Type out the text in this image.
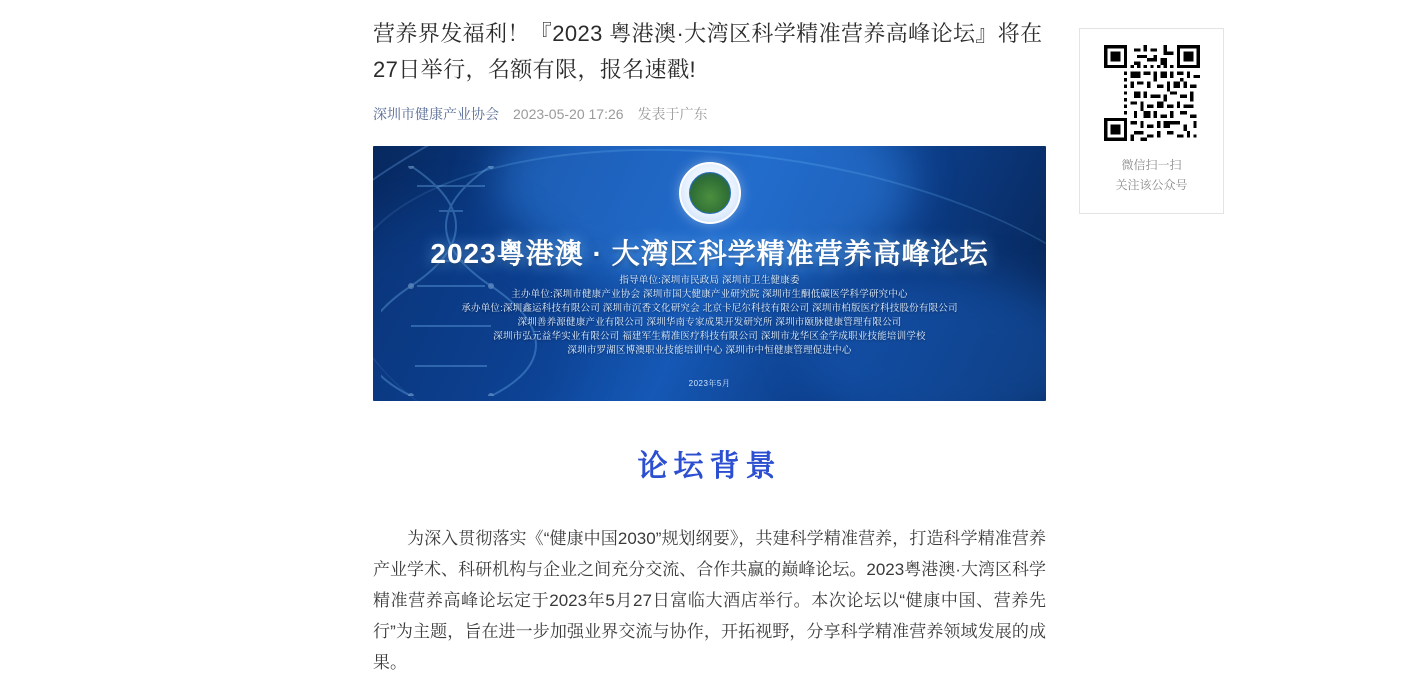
营养界发福利！『2023 粤港澳·大湾区科学精准营养高峰论坛』将在27日举行，名额有限，报名速戳!
深圳市健康产业协会 2023-05-20 17:26 发表于广东
2023粤港澳 · 大湾区科学精准营养高峰论坛
指导单位:深圳市民政局 深圳市卫生健康委
主办单位:深圳市健康产业协会 深圳市国大健康产业研究院 深圳市生酮低碳医学科学研究中心
承办单位:深圳鑫运科技有限公司 深圳市沉香文化研究会 北京卡尼尔科技有限公司 深圳市柏版医疗科技股份有限公司
深圳善养源健康产业有限公司 深圳华南专家成果开发研究所 深圳市颐脉健康管理有限公司
深圳市弘元益华实业有限公司 福建军生精准医疗科技有限公司 深圳市龙华区金学成职业技能培训学校
深圳市罗湖区博澳职业技能培训中心 深圳市中恒健康管理促进中心
2023年5月
论坛背景

为深入贯彻落实《“健康中国2030”规划纲要》，共建科学精准营养，打造科学精准营养产业学术、科研机构与企业之间充分交流、合作共赢的巅峰论坛。2023粤港澳·大湾区科学精准营养高峰论坛定于2023年5月27日富临大酒店举行。本次论坛以“健康中国、营养先行”为主题，旨在进一步加强业界交流与协作，开拓视野，分享科学精准营养领域发展的成果。

微信扫一扫
关注该公众号
